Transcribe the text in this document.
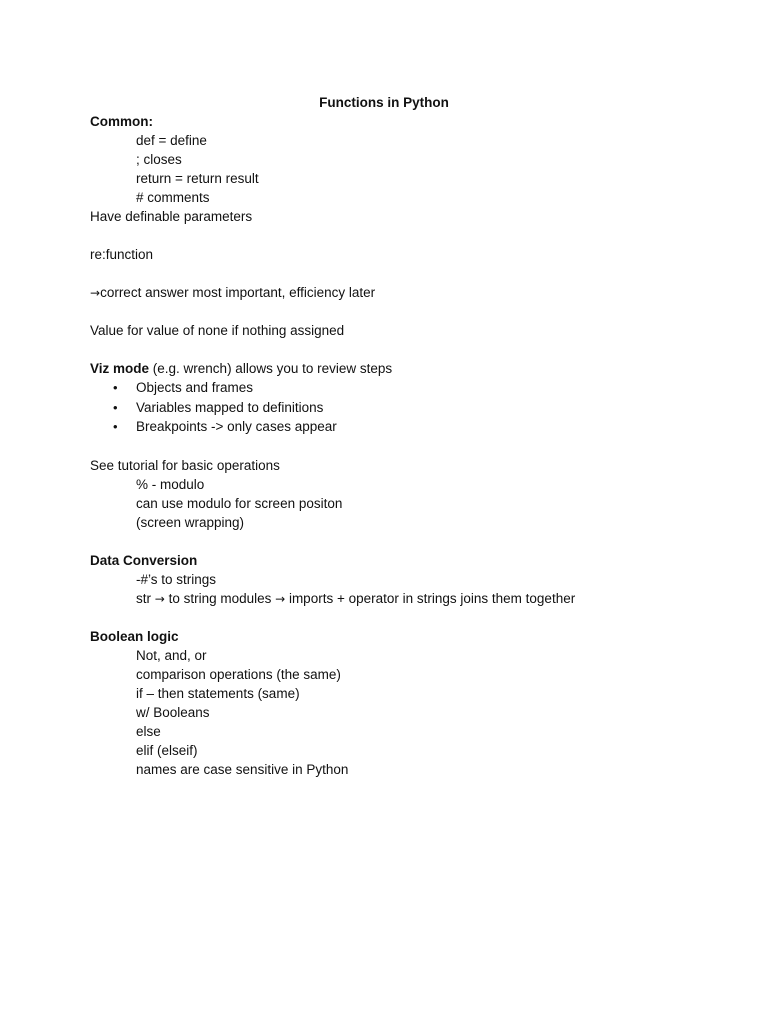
Functions in Python
Common:
def = define
; closes
return = return result
# comments
Have definable parameters
re:function
→correct answer most important, efficiency later
Value for value of none if nothing assigned
Viz mode (e.g. wrench) allows you to review steps
• Objects and frames
• Variables mapped to definitions
• Breakpoints -> only cases appear
See tutorial for basic operations
% - modulo
can use modulo for screen positon
(screen wrapping)
Data Conversion
-#’s to strings
str → to string modules → imports + operator in strings joins them together
Boolean logic
Not, and, or
comparison operations (the same)
if – then statements (same)
w/ Booleans
else
elif (elseif)
names are case sensitive in Python
